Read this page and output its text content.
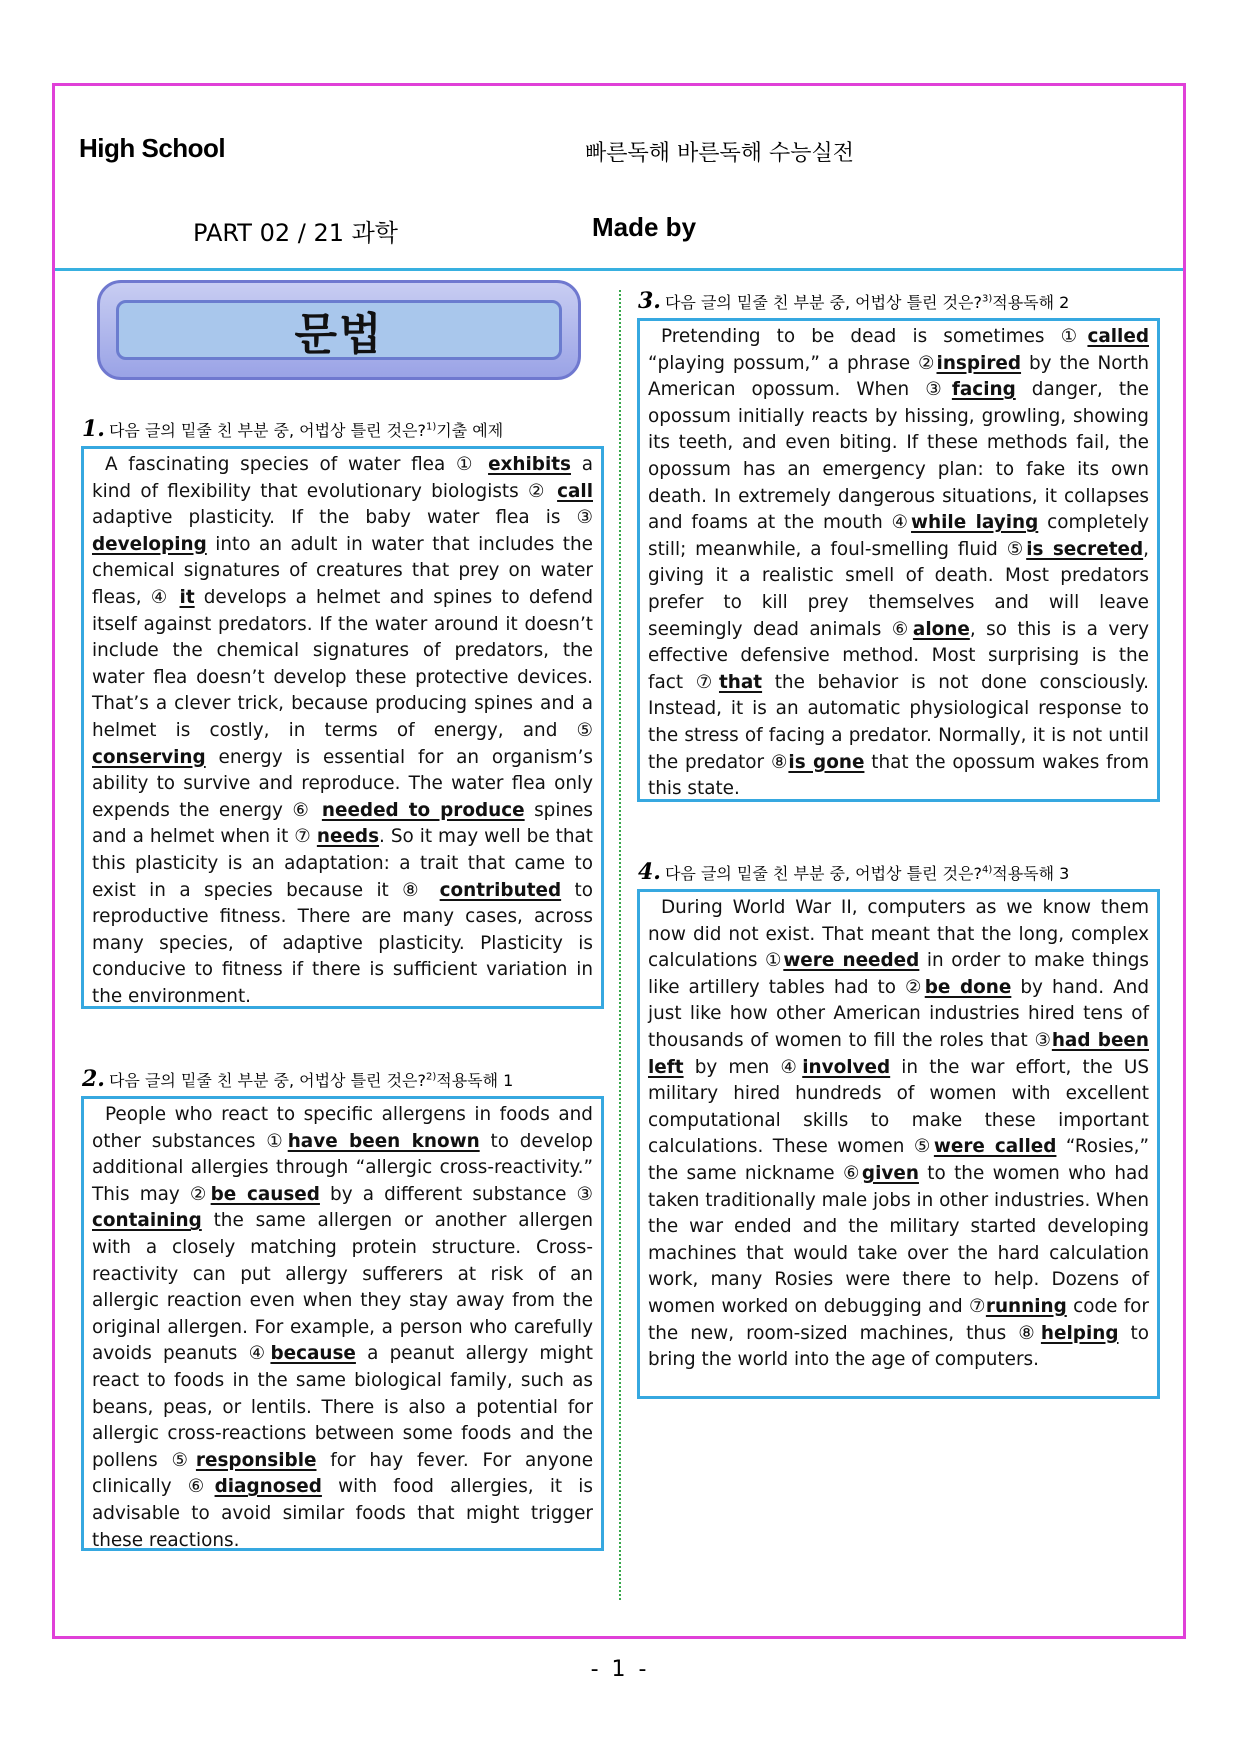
High School	빠른독해 바른독해 수능실전
PART 02 / 21 과학	Made by
문법
1. 다음 글의 밑줄 친 부분 중, 어법상 틀린 것은?$^{1)}$기출 예제

A fascinating species of water flea ① exhibits a kind of flexibility that evolutionary biologists ② call adaptive plasticity. If the baby water flea is ③ developing into an adult in water that includes the chemical signatures of creatures that prey on water fleas, ④ it develops a helmet and spines to defend itself against predators. If the water around it doesn’t include the chemical signatures of predators, the water flea doesn’t develop these protective devices. That’s a clever trick, because producing spines and a helmet is costly, in terms of energy, and ⑤ conserving energy is essential for an organism’s ability to survive and reproduce. The water flea only expends the energy ⑥ needed to produce spines and a helmet when it ⑦ needs. So it may well be that this plasticity is an adaptation: a trait that came to exist in a species because it ⑧ contributed to reproductive fitness. There are many cases, across many species, of adaptive plasticity. Plasticity is conducive to fitness if there is sufficient variation in the environment.

2. 다음 글의 밑줄 친 부분 중, 어법상 틀린 것은?$^{2)}$적용독해 1

People who react to specific allergens in foods and other substances ①have been known to develop additional allergies through “allergic cross-reactivity.” This may ②be caused by a different substance ③ containing the same allergen or another allergen with a closely matching protein structure. Cross-reactivity can put allergy sufferers at risk of an allergic reaction even when they stay away from the original allergen. For example, a person who carefully avoids peanuts ④because a peanut allergy might react to foods in the same biological family, such as beans, peas, or lentils. There is also a potential for allergic cross-reactions between some foods and the pollens ⑤responsible for hay fever. For anyone clinically ⑥diagnosed with food allergies, it is advisable to avoid similar foods that might trigger these reactions.

3. 다음 글의 밑줄 친 부분 중, 어법상 틀린 것은?$^{3)}$적용독해 2

Pretending to be dead is sometimes ①called “playing possum,” a phrase ②inspired by the North American opossum. When ③facing danger, the opossum initially reacts by hissing, growling, showing its teeth, and even biting. If these methods fail, the opossum has an emergency plan: to fake its own death. In extremely dangerous situations, it collapses and foams at the mouth ④while laying completely still; meanwhile, a foul-smelling fluid ⑤is secreted, giving it a realistic smell of death. Most predators prefer to kill prey themselves and will leave seemingly dead animals ⑥alone, so this is a very effective defensive method. Most surprising is the fact ⑦that the behavior is not done consciously. Instead, it is an automatic physiological response to the stress of facing a predator. Normally, it is not until the predator ⑧is gone that the opossum wakes from this state.

4. 다음 글의 밑줄 친 부분 중, 어법상 틀린 것은?$^{4)}$적용독해 3

During World War II, computers as we know them now did not exist. That meant that the long, complex calculations ①were needed in order to make things like artillery tables had to ②be done by hand. And just like how other American industries hired tens of thousands of women to fill the roles that ③had been left by men ④involved in the war effort, the US military hired hundreds of women with excellent computational skills to make these important calculations. These women ⑤were called “Rosies,” the same nickname ⑥given to the women who had taken traditionally male jobs in other industries. When the war ended and the military started developing machines that would take over the hard calculation work, many Rosies were there to help. Dozens of women worked on debugging and ⑦running code for the new, room-sized machines, thus ⑧helping to bring the world into the age of computers.

- 1 -
